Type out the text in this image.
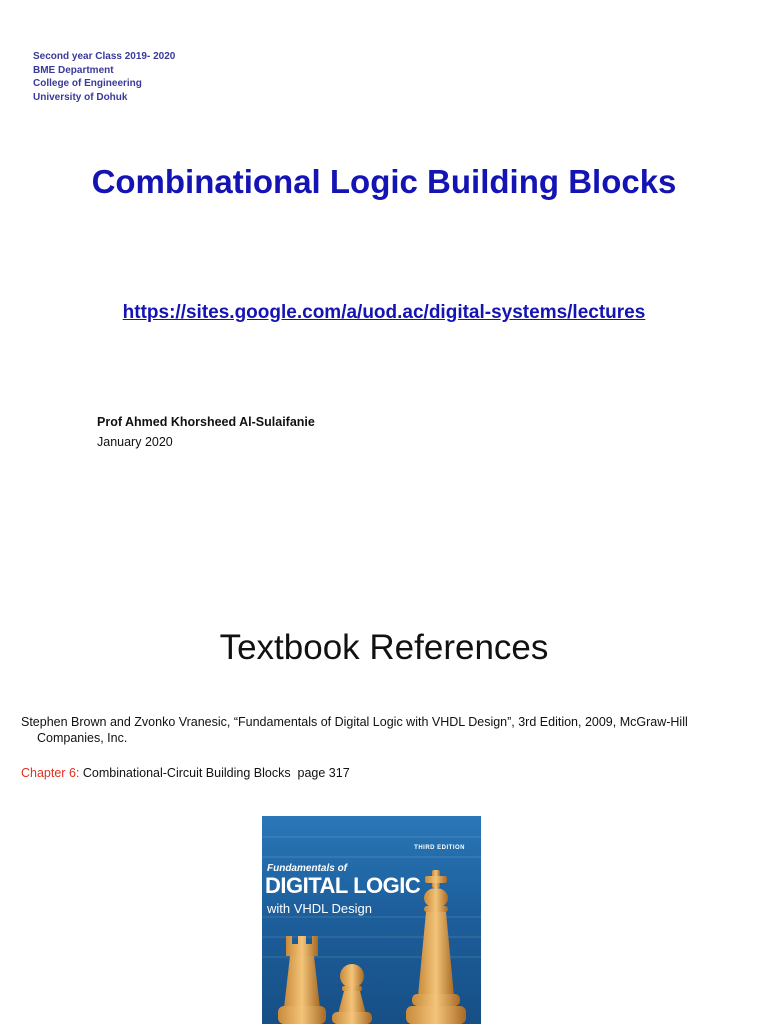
Second year Class 2019- 2020
BME Department
College of Engineering
University of Dohuk
Combinational Logic Building Blocks
https://sites.google.com/a/uod.ac/digital-systems/lectures
Prof Ahmed Khorsheed Al-Sulaifanie
January 2020
Textbook References
Stephen Brown and Zvonko Vranesic, “Fundamentals of Digital Logic with VHDL Design”, 3rd Edition, 2009, McGraw-Hill
Companies, Inc.
Chapter 6: Combinational-Circuit Building Blocks  page 317
THIRD EDITION
Fundamentals of
DIGITAL LOGIC
with VHDL Design
